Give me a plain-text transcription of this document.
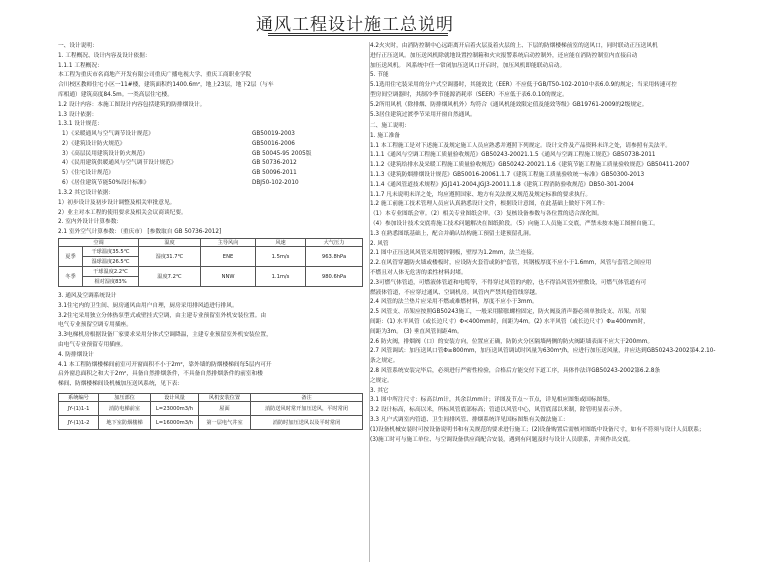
通风工程设计施工总说明
一、设计说明：
1. 工程概况、设计内容及设计依据：
1.1.1 工程概况：
本工程为重庆市名商地产开发有限公司重庆广播电视大学、重庆工商职业学院
合川校区教师住宅小区一11#楼，建筑面积约1400.6m²，地上23层，地下2层（与车
库相通）建筑高度84.5m。一类高层住宅楼。
1.2 设计内容：本施工图设计内容包括建筑的防排烟设计。
1.3 设计依据：
1.3.1 设计规范：
1）《采暖通风与空气调节设计规范》	GB50019-2003
2）《建筑设计防火规范》	GB50016-2006
3）《高层民用建筑设计防火规范》	GB 50045-95 2005版
4）《民用建筑供暖通风与空气调节设计规范》	GB 50736-2012
5）《住宅设计规范》	GB 50096-2011
6）《居住建筑节能50%设计标准》	DBJ50-102-2010
1.3.2 其它设计依据：
1）初步设计及初步设计调整及相关审批意见。
2）业主对本工程的使用要求及相关会议商谈纪要。
2. 室内外设计计算参数：
2.1 室外空气计算参数：（重庆市） [参数取自 GB 50736-2012]
空调		温度	主导风向	风速	大气压力
夏季	干球温度35.5℃	湿度31.7℃	ENE	1.5m/s	963.8hPa
	湿球温度26.5℃				
冬季	干球温度2.2℃	温度7.2℃	NNW	1.1m/s	980.6hPa
	相对湿度83%				
3. 通风及空调系统设计
3.1住宅内的卫生间、厨房通风由用户自理，厨房采用排风道进行排风。
3.2住宅采用独立分体热泵型式或壁挂式空调，由主建专业预留室外机安装位置。由
电气专业预留空调专用插座。
3.3电梯机房根据设备厂家要求采用分体式空调降温，主建专业预留室外机安装位置，
由电气专业预留专用插座。
4. 防排烟设计
4.1 本工程防烟楼梯间前室可开窗面积不小于2m²，靠外墙的防烟楼梯间每5层内可开
启外窗总面积之和大于2m²，具备自然排烟条件，不具备自然排烟条件的前室和楼
梯间、防烟楼梯间设机械加压送风系统，见下表：
系统编号	加压部位	设计风量	风机安装位置	备注
JY-(1)1-1	消防电梯前室	L=23000m3/h	屋面	消防送风时常开加压送风，平时常闭
JY-(1)1-2	地下室防烟楼梯	L=16000m3/h	第一层电气井室	消防时加压送风以及平时常闭
4.2火灾时，由消防控制中心远距离开启着火层及着火层的上、下层的防烟楼梯前室的送风口，同时联动正压送风机
进行正压送风。加压送风机除就地设置控制箱和火灾报警系统启动控制外，还应能在消防控制室内直接启动
加压送风机。 风系统中任一常闭加压送风口开启时，加压风机即能联动启动。
5. 节能
5.1选用住宅装采用的分户式空调器时，其能效比（EER）不应低于GB/T50-102-2010中表6.0.9的规定；当采用转速可控
型房间空调器时，其制冷季节能源消耗率（SEER）不应低于表6.0.10的规定。
5.2所用风机（除排烟、防排烟风机外）均符合《通风机能效限定值及能效等级》GB19761-2009的2级规定。
5.3居住建筑过渡季节采用开窗自然通风。
二、施工说明：
1. 施工准备
1.1 本工程施工是对下述施工及规定施工人员应熟悉并遵照下列规定。设计文件及产品资料未详之处，请参照有关法平。
1.1.1《通风与空调工程施工质量验收规范》GB50243-20021.1.5《通风与空调工程施工规范》GB50738-2011
1.1.2《建筑给排水及采暖工程施工质量验收规范》GB50242-20021.1.6《建筑节能工程施工质量验收规范》GB50411-2007
1.1.3《建筑防烟排烟设计规范》GB50016-20061.1.7《建筑工程施工质量验收统一标准》GB50300-2013
1.1.4《通风管道技术规程》JGJ141-2004,JGJ3-20011.1.8《建筑工程消防验收规范》DB50-301-2004
1.1.7 凡未说明未详之处，均应遵照国家、地方有关法规又规范及规定标准的要求执行。
1.2 施工前施工技术管理人员应认真熟悉设计文件，根据设计意图，在此基础上做好下列工作：
（1）本专业图纸会审。（2）相关专业图纸会审。（3）复核设备参数与各位置的适合深化图。
（4）参加设计技术交底将施工技术问题解决在图纸阶段。（5）向施工人员施工交底，严禁未按本施工图擅自施工。
1.3 在熟悉图纸基础上，配合并确认结构施工预留土建预留孔洞。
2. 风管
2.1 图中正压送风风管采用镀锌钢板，壁厚为1.2mm，法兰连接。
2.2.在风管穿越防火墙或楼板时，应设防火套管或防护套管，其钢板厚度不应小于1.6mm，风管与套管之间应用
不燃且对人体无危害的柔性材料封堵。
2.3可燃气体管道，可燃液体管道和电缆等，不得穿过风管的内腔，也不得沿风管外壁敷设，可燃气体管道有可
燃液体管道，不应穿过通风、空调机房。风管内严禁其他管线穿越。
2.4 风管的法兰垫片应采用不燃或难燃材料，厚度不应小于3mm。
2.5 风管支、吊架应按照GB50243施工，一般采用膨胀螺栓固定，防火阀及消声器必须单独设支、吊架。吊架
间距：(1) 水平风管（或长边尺寸）Φ<400mm时，间距为4m。(2) 水平风管（或长边尺寸）Φ≥400mm时，
间距为3m。 (3) 垂直风管间距4m。
2.6 防火阀，排烟阀（口）的安装方向，位置应正确，防防火分区隔墙两侧的防火阀距墙表面不应大于200mm。
2.7 风管调试：加压送风口管Φ≥800mm，加压送风管调试时风量为630m³/h，应进行加压送风量，并应达到GB50243-2002第4.2.10-
条之规定。
2.8 风管系统安装完毕后，必须进行严密性检验，合格后方能交付下道工序，具体作法详GB50243-2002第6.2.8条
之规定。
3. 其它
3.1 图中所注尺寸：标高以m计，其余以mm计；详图及节点～节点，详见相应图集或国标图集。
3.2 设计标高，标高以米，所标风管底部标高；管道以风管中心，风管底部以米制，除管明显表示外。
3.3 凡户式调室内管道、卫生间排风管、排烟系统详见国标图集有关做法施工：
(1)设备机械安装时可按设备说明书和有关规范的要求进行施工；(2)设备购置后需核对图纸中设备尺寸，如有不符须与设计人员联系；
(3)施工时可与施工单位、与空调设备供应商配合安装，遇到有问题及时与设计人员联系，并须作出交底。
